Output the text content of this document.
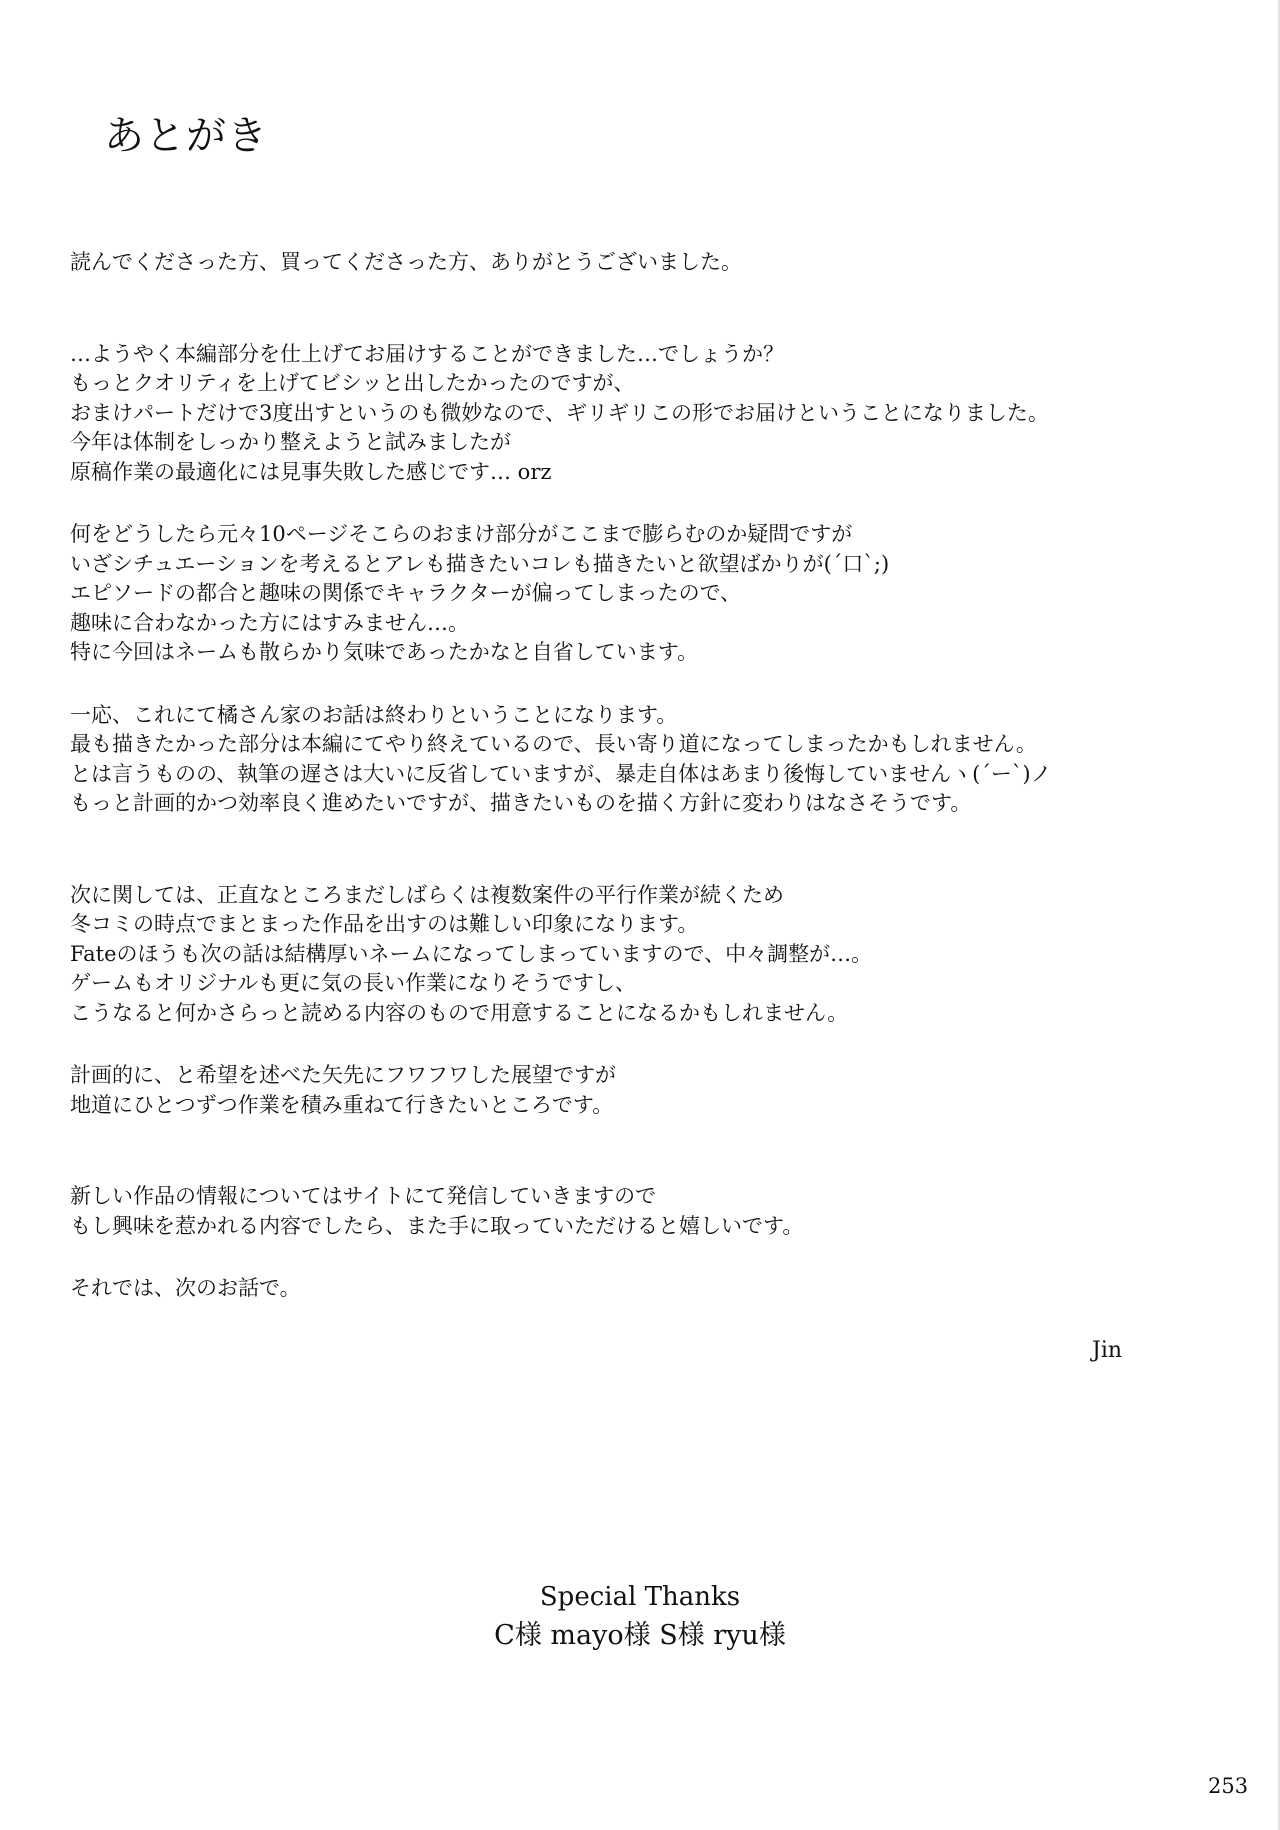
あとがき
読んでくださった方、買ってくださった方、ありがとうございました。
…ようやく本編部分を仕上げてお届けすることができました…でしょうか？
もっとクオリティを上げてビシッと出したかったのですが、
おまけパートだけで3度出すというのも微妙なので、ギリギリこの形でお届けということになりました。
今年は体制をしっかり整えようと試みましたが
原稿作業の最適化には見事失敗した感じです… orz
何をどうしたら元々10ページそこらのおまけ部分がここまで膨らむのか疑問ですが
いざシチュエーションを考えるとアレも描きたいコレも描きたいと欲望ばかりが(´口`;)
エピソードの都合と趣味の関係でキャラクターが偏ってしまったので、
趣味に合わなかった方にはすみません…。
特に今回はネームも散らかり気味であったかなと自省しています。
一応、これにて橘さん家のお話は終わりということになります。
最も描きたかった部分は本編にてやり終えているので、長い寄り道になってしまったかもしれません。
とは言うものの、執筆の遅さは大いに反省していますが、暴走自体はあまり後悔していませんヽ(´ー`)ノ
もっと計画的かつ効率良く進めたいですが、描きたいものを描く方針に変わりはなさそうです。
次に関しては、正直なところまだしばらくは複数案件の平行作業が続くため
冬コミの時点でまとまった作品を出すのは難しい印象になります。
Fateのほうも次の話は結構厚いネームになってしまっていますので、中々調整が…。
ゲームもオリジナルも更に気の長い作業になりそうですし、
こうなると何かさらっと読める内容のもので用意することになるかもしれません。
計画的に、と希望を述べた矢先にフワフワした展望ですが
地道にひとつずつ作業を積み重ねて行きたいところです。
新しい作品の情報についてはサイトにて発信していきますので
もし興味を惹かれる内容でしたら、また手に取っていただけると嬉しいです。
それでは、次のお話で。
Jin
Special Thanks
C様 mayo様 S様 ryu様
253
